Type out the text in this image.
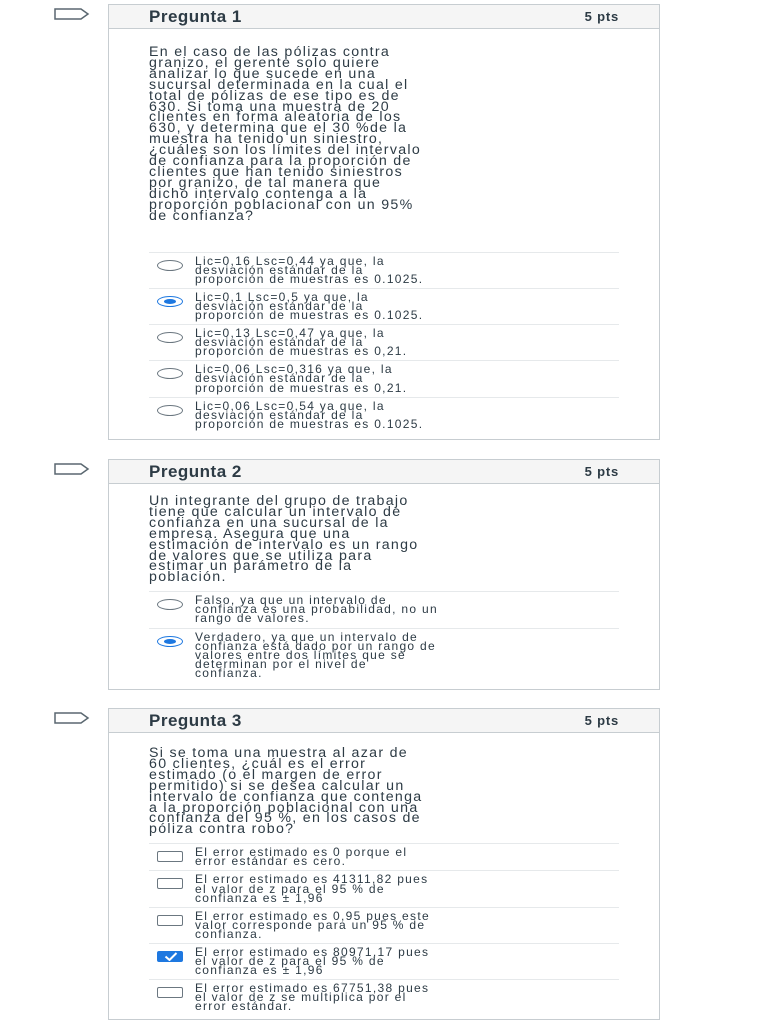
Pregunta 1	5 pts

En el caso de las pólizas contra
granizo, el gerente solo quiere
analizar lo que sucede en una
sucursal determinada en la cual el
total de pólizas de ese tipo es de
630. Si toma una muestra de 20
clientes en forma aleatoria de los
630, y determina que el 30 %de la
muestra ha tenido un siniestro,
¿cuáles son los límites del intervalo
de confianza para la proporción de
clientes que han tenido siniestros
por granizo, de tal manera que
dicho intervalo contenga a la
proporción poblacional con un 95%
de confianza?

Lic=0,16 Lsc=0,44 ya que, la
desviación estándar de la
proporción de muestras es 0.1025.
Lic=0,1 Lsc=0,5 ya que, la
desviación estándar de la
proporción de muestras es 0.1025.
Lic=0,13 Lsc=0,47 ya que, la
desviación estándar de la
proporción de muestras es 0,21.
Lic=0,06 Lsc=0,316 ya que, la
desviación estándar de la
proporción de muestras es 0,21.
Lic=0,06 Lsc=0,54 ya que, la
desviación estándar de la
proporción de muestras es 0.1025.
Pregunta 2	5 pts

Un integrante del grupo de trabajo
tiene que calcular un intervalo de
confianza en una sucursal de la
empresa. Asegura que una
estimación de intervalo es un rango
de valores que se utiliza para
estimar un parámetro de la
población.

Falso, ya que un intervalo de
confianza es una probabilidad, no un
rango de valores.
Verdadero, ya que un intervalo de
confianza está dado por un rango de
valores entre dos límites que se
determinan por el nivel de
confianza.
Pregunta 3	5 pts

Si se toma una muestra al azar de
60 clientes, ¿cuál es el error
estimado (o el margen de error
permitido) si se desea calcular un
intervalo de confianza que contenga
a la proporción poblacional con una
confianza del 95 %, en los casos de
póliza contra robo?

El error estimado es 0 porque el
error estándar es cero.
El error estimado es 41311,82 pues
el valor de z para el 95 % de
confianza es ± 1,96
El error estimado es 0,95 pues este
valor corresponde para un 95 % de
confianza.
El error estimado es 80971,17 pues
el valor de z para el 95 % de
confianza es ± 1,96
El error estimado es 67751,38 pues
el valor de z se multiplica por el
error estándar.
